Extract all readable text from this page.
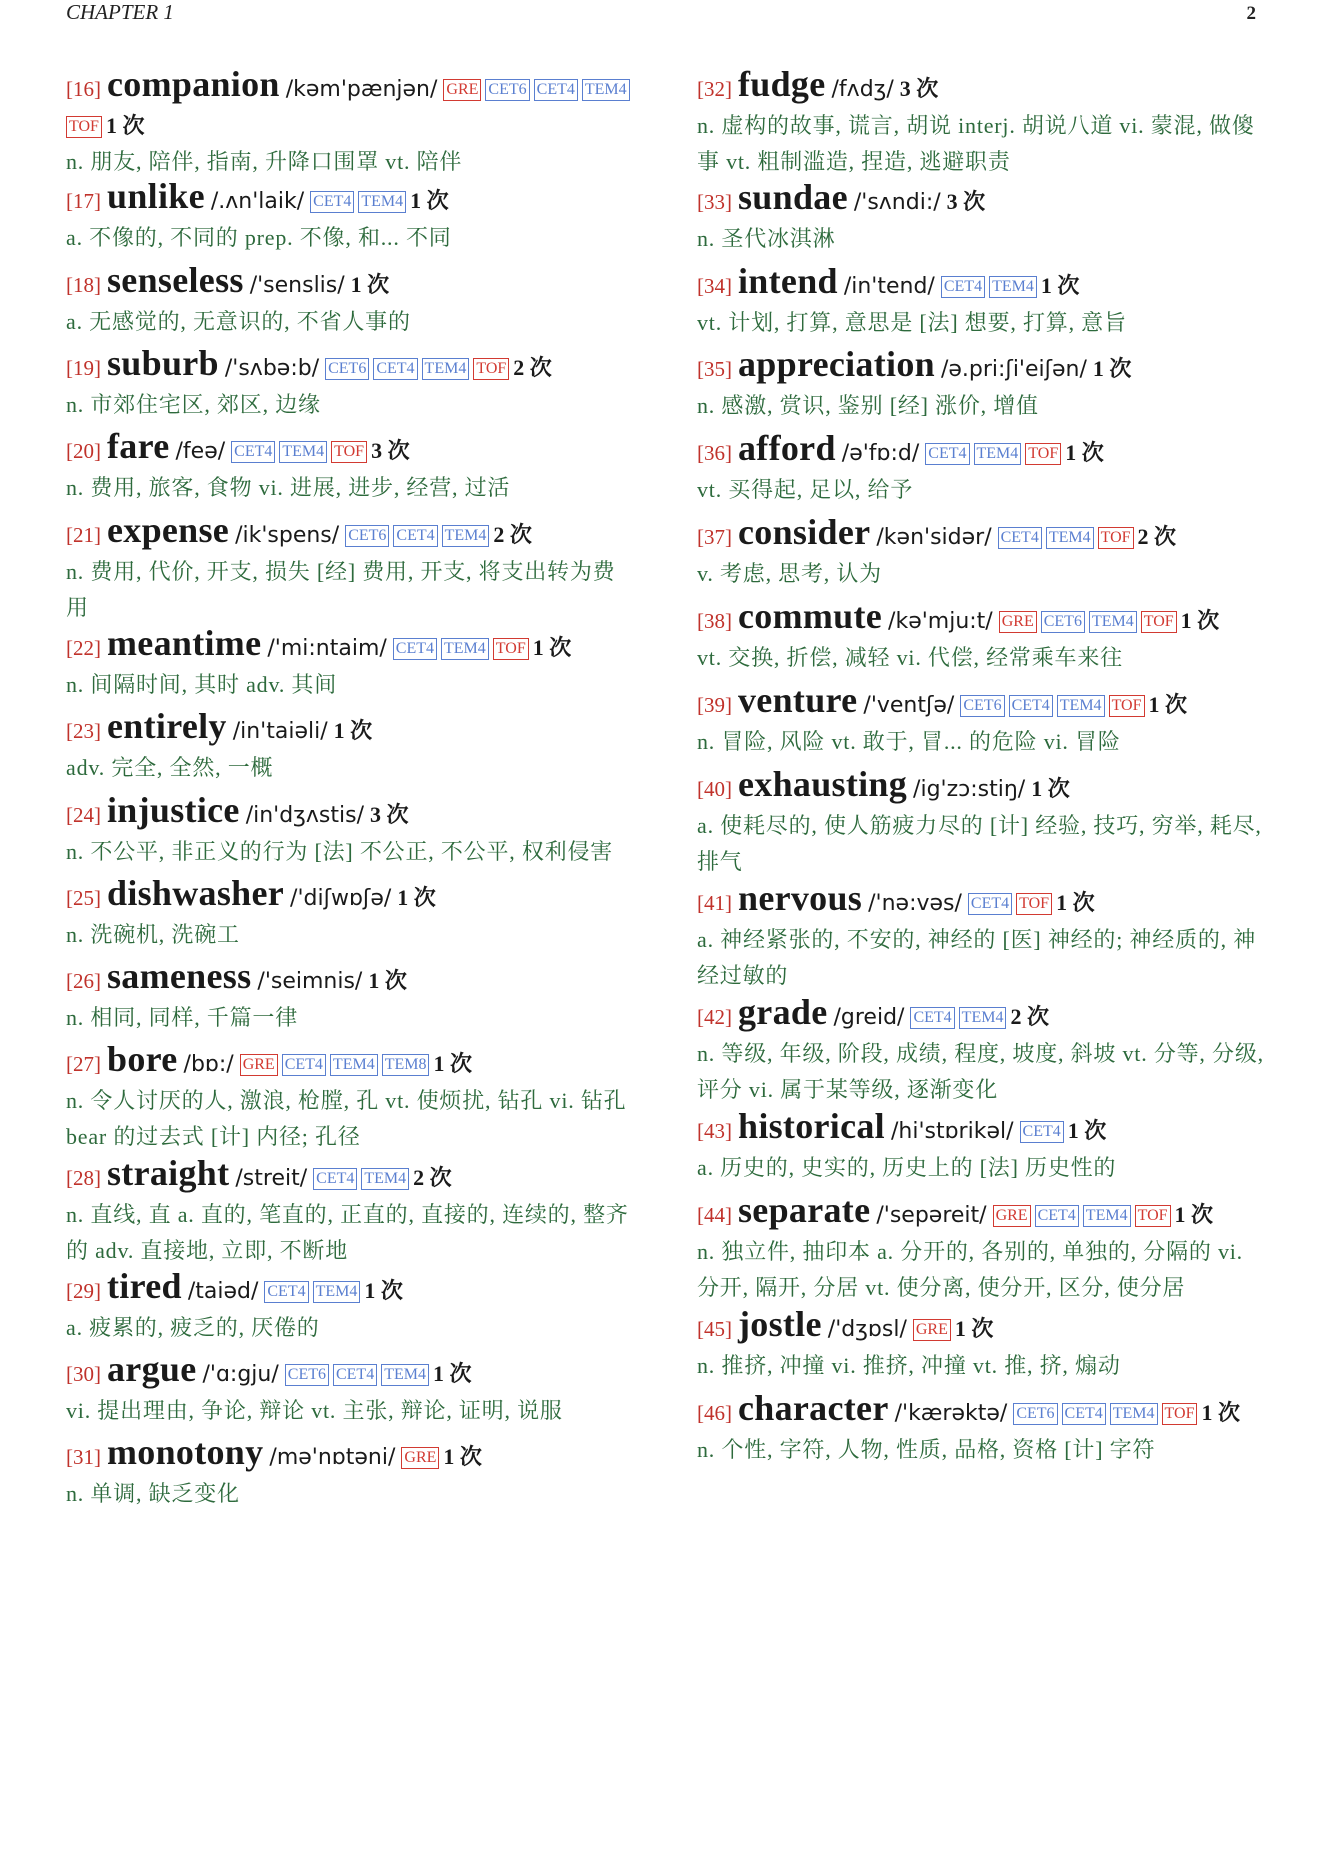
CHAPTER 1	2
[16] companion /kəm'pænjən/ GRE CET6 CET4 TEM4TOF 1 次
n. 朋友, 陪伴, 指南, 升降口围罩 vt. 陪伴
[17] unlike /.ʌn'laik/ CET4 TEM4 1 次
a. 不像的, 不同的 prep. 不像, 和... 不同
[18] senseless /'senslis/ 1 次
a. 无感觉的, 无意识的, 不省人事的
[19] suburb /'sʌbə:b/ CET6 CET4 TEM4 TOF 2 次
n. 市郊住宅区, 郊区, 边缘
[20] fare /feə/ CET4 TEM4 TOF 3 次
n. 费用, 旅客, 食物 vi. 进展, 进步, 经营, 过活
[21] expense /ik'spens/ CET6 CET4 TEM4 2 次
n. 费用, 代价, 开支, 损失 [经] 费用, 开支, 将支出转为费用
[22] meantime /'mi:ntaim/ CET4 TEM4 TOF 1 次
n. 间隔时间, 其时 adv. 其间
[23] entirely /in'taiəli/ 1 次
adv. 完全, 全然, 一概
[24] injustice /in'dʒʌstis/ 3 次
n. 不公平, 非正义的行为 [法] 不公正, 不公平, 权利侵害
[25] dishwasher /'diʃwɒʃə/ 1 次
n. 洗碗机, 洗碗工
[26] sameness /'seimnis/ 1 次
n. 相同, 同样, 千篇一律
[27] bore /bɒ:/ GRE CET4 TEM4 TEM8 1 次
n. 令人讨厌的人, 激浪, 枪膛, 孔 vt. 使烦扰, 钻孔 vi. 钻孔 bear 的过去式 [计] 内径; 孔径
[28] straight /streit/ CET4 TEM4 2 次
n. 直线, 直 a. 直的, 笔直的, 正直的, 直接的, 连续的, 整齐的 adv. 直接地, 立即, 不断地
[29] tired /taiəd/ CET4 TEM4 1 次
a. 疲累的, 疲乏的, 厌倦的
[30] argue /'ɑ:gju/ CET6 CET4 TEM4 1 次
vi. 提出理由, 争论, 辩论 vt. 主张, 辩论, 证明, 说服
[31] monotony /mə'nɒtəni/ GRE 1 次
n. 单调, 缺乏变化
[32] fudge /fʌdʒ/ 3 次
n. 虚构的故事, 谎言, 胡说 interj. 胡说八道 vi. 蒙混, 做傻事 vt. 粗制滥造, 捏造, 逃避职责
[33] sundae /'sʌndi:/ 3 次
n. 圣代冰淇淋
[34] intend /in'tend/ CET4 TEM4 1 次
vt. 计划, 打算, 意思是 [法] 想要, 打算, 意旨
[35] appreciation /ə.pri:ʃi'eiʃən/ 1 次
n. 感激, 赏识, 鉴别 [经] 涨价, 增值
[36] afford /ə'fɒ:d/ CET4 TEM4 TOF 1 次
vt. 买得起, 足以, 给予
[37] consider /kən'sidər/ CET4 TEM4 TOF 2 次
v. 考虑, 思考, 认为
[38] commute /kə'mju:t/ GRE CET6 TEM4 TOF 1 次
vt. 交换, 折偿, 减轻 vi. 代偿, 经常乘车来往
[39] venture /'ventʃə/ CET6 CET4 TEM4 TOF 1 次
n. 冒险, 风险 vt. 敢于, 冒... 的危险 vi. 冒险
[40] exhausting /ig'zɔ:stiŋ/ 1 次
a. 使耗尽的, 使人筋疲力尽的 [计] 经验, 技巧, 穷举, 耗尽, 排气
[41] nervous /'nə:vəs/ CET4 TOF 1 次
a. 神经紧张的, 不安的, 神经的 [医] 神经的; 神经质的, 神经过敏的
[42] grade /greid/ CET4 TEM4 2 次
n. 等级, 年级, 阶段, 成绩, 程度, 坡度, 斜坡 vt. 分等, 分级, 评分 vi. 属于某等级, 逐渐变化
[43] historical /hi'stɒrikəl/ CET4 1 次
a. 历史的, 史实的, 历史上的 [法] 历史性的
[44] separate /'sepəreit/ GRE CET4 TEM4 TOF 1 次
n. 独立件, 抽印本 a. 分开的, 各别的, 单独的, 分隔的 vi. 分开, 隔开, 分居 vt. 使分离, 使分开, 区分, 使分居
[45] jostle /'dʒɒsl/ GRE 1 次
n. 推挤, 冲撞 vi. 推挤, 冲撞 vt. 推, 挤, 煽动
[46] character /'kærəktə/ CET6 CET4 TEM4 TOF 1 次
n. 个性, 字符, 人物, 性质, 品格, 资格 [计] 字符
